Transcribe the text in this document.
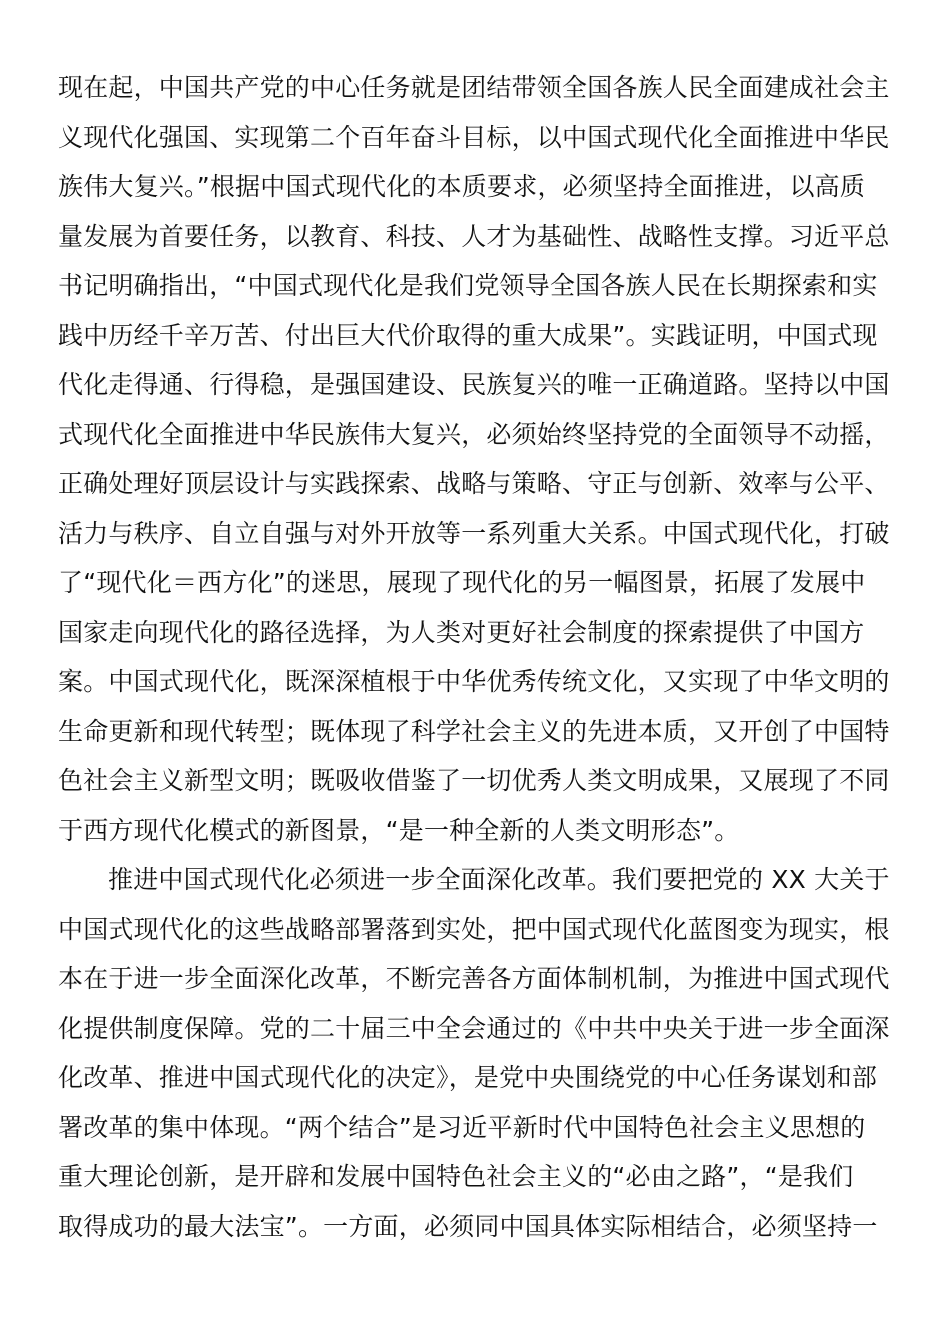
现在起，中国共产党的中心任务就是团结带领全国各族人民全面建成社会主
义现代化强国、实现第二个百年奋斗目标，以中国式现代化全面推进中华民
族伟大复兴。”根据中国式现代化的本质要求，必须坚持全面推进，以高质
量发展为首要任务，以教育、科技、人才为基础性、战略性支撑。习近平总
书记明确指出，“中国式现代化是我们党领导全国各族人民在长期探索和实
践中历经千辛万苦、付出巨大代价取得的重大成果”。实践证明，中国式现
代化走得通、行得稳，是强国建设、民族复兴的唯一正确道路。坚持以中国
式现代化全面推进中华民族伟大复兴，必须始终坚持党的全面领导不动摇，
正确处理好顶层设计与实践探索、战略与策略、守正与创新、效率与公平、
活力与秩序、自立自强与对外开放等一系列重大关系。中国式现代化，打破
了“现代化＝西方化”的迷思，展现了现代化的另一幅图景，拓展了发展中
国家走向现代化的路径选择，为人类对更好社会制度的探索提供了中国方
案。中国式现代化，既深深植根于中华优秀传统文化，又实现了中华文明的
生命更新和现代转型；既体现了科学社会主义的先进本质，又开创了中国特
色社会主义新型文明；既吸收借鉴了一切优秀人类文明成果，又展现了不同
于西方现代化模式的新图景，“是一种全新的人类文明形态”。
推进中国式现代化必须进一步全面深化改革。我们要把党的 XX 大关于
中国式现代化的这些战略部署落到实处，把中国式现代化蓝图变为现实，根
本在于进一步全面深化改革，不断完善各方面体制机制，为推进中国式现代
化提供制度保障。党的二十届三中全会通过的《中共中央关于进一步全面深
化改革、推进中国式现代化的决定》，是党中央围绕党的中心任务谋划和部
署改革的集中体现。“两个结合”是习近平新时代中国特色社会主义思想的
重大理论创新，是开辟和发展中国特色社会主义的“必由之路”，“是我们
取得成功的最大法宝”。一方面，必须同中国具体实际相结合，必须坚持一
